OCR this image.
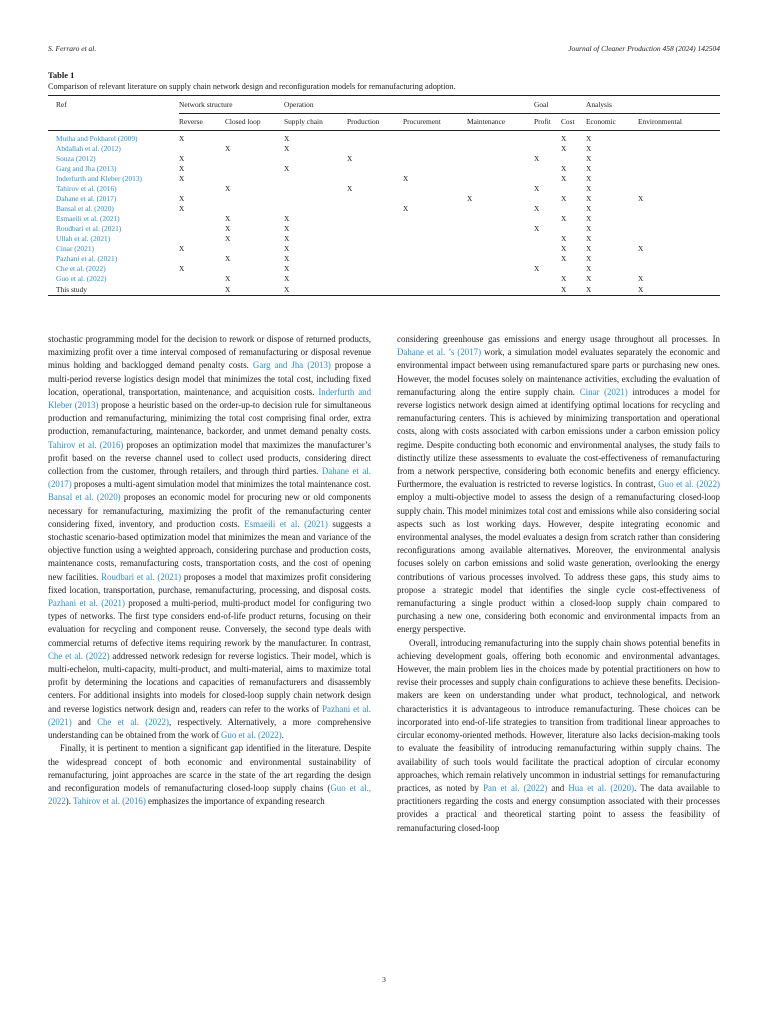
S. Ferraro et al.	Journal of Cleaner Production 458 (2024) 142504
Table 1
Comparison of relevant literature on supply chain network design and reconfiguration models for remanufacturing adoption.
Ref	Network structure		Operation				Goal		Analysis	
	Reverse	Closed loop	Supply chain	Production	Procurement	Maintenance	Profit	Cost	Economic	Environmental
Mutha and Pokharel (2009)	X		X					X	X	
Abdallah et al. (2012)		X	X					X	X	
Souza (2012)	X			X			X		X	
Garg and Jha (2013)	X		X					X	X	
Inderfurth and Kleber (2013)	X				X			X	X	
Tahirov et al. (2016)		X		X			X		X	
Dahane et al. (2017)	X					X		X	X	X
Bansal et al. (2020)	X				X		X		X	
Esmaeili et al. (2021)		X	X					X	X	
Roudbari et al. (2021)		X	X				X		X	
Ullah et al. (2021)		X	X					X	X	
Cinar (2021)	X		X					X	X	X
Pazhani et al. (2021)		X	X					X	X	
Che et al. (2022)	X		X				X		X	
Guo et al. (2022)		X	X					X	X	X
This study		X	X					X	X	X

stochastic programming model for the decision to rework or dispose of returned products, maximizing profit over a time interval composed of remanufacturing or disposal revenue minus holding and backlogged demand penalty costs. Garg and Jha (2013) propose a multi-period reverse logistics design model that minimizes the total cost, including fixed location, operational, transportation, maintenance, and acquisition costs. Inderfurth and Kleber (2013) propose a heuristic based on the order-up-to decision rule for simultaneous production and remanufacturing, minimizing the total cost comprising final order, extra production, remanufacturing, maintenance, backorder, and unmet demand penalty costs. Tahirov et al. (2016) proposes an optimization model that maximizes the manufacturer’s profit based on the reverse channel used to collect used products, considering direct collection from the customer, through retailers, and through third parties. Dahane et al. (2017) proposes a multi-agent simulation model that minimizes the total maintenance cost. Bansal et al. (2020) proposes an economic model for procuring new or old components necessary for remanufacturing, maximizing the profit of the remanufacturing center considering fixed, inventory, and production costs. Esmaeili et al. (2021) suggests a stochastic scenario-based optimization model that minimizes the mean and variance of the objective function using a weighted approach, considering purchase and production costs, maintenance costs, remanufacturing costs, transportation costs, and the cost of opening new facilities. Roudbari et al. (2021) proposes a model that maximizes profit considering fixed location, transportation, purchase, remanufacturing, processing, and disposal costs. Pazhani et al. (2021) proposed a multi-period, multi-product model for configuring two types of networks. The first type considers end-of-life product returns, focusing on their evaluation for recycling and component reuse. Conversely, the second type deals with commercial returns of defective items requiring rework by the manufacturer. In contrast, Che et al. (2022) addressed network redesign for reverse logistics. Their model, which is multi-echelon, multi-capacity, multi-product, and multi-material, aims to maximize total profit by determining the locations and capacities of remanufacturers and disassembly centers. For additional insights into models for closed-loop supply chain network design and reverse logistics network design and, readers can refer to the works of Pazhani et al. (2021) and Che et al. (2022), respectively. Alternatively, a more comprehensive understanding can be obtained from the work of Guo et al. (2022).

Finally, it is pertinent to mention a significant gap identified in the literature. Despite the widespread concept of both economic and environmental sustainability of remanufacturing, joint approaches are scarce in the state of the art regarding the design and reconfiguration models of remanufacturing closed-loop supply chains (Guo et al., 2022). Tahirov et al. (2016) emphasizes the importance of expanding research

considering greenhouse gas emissions and energy usage throughout all processes. In Dahane et al. ’s (2017) work, a simulation model evaluates separately the economic and environmental impact between using remanufactured spare parts or purchasing new ones. However, the model focuses solely on maintenance activities, excluding the evaluation of remanufacturing along the entire supply chain. Cinar (2021) introduces a model for reverse logistics network design aimed at identifying optimal locations for recycling and remanufacturing centers. This is achieved by minimizing transportation and operational costs, along with costs associated with carbon emissions under a carbon emission policy regime. Despite conducting both economic and environmental analyses, the study fails to distinctly utilize these assessments to evaluate the cost-effectiveness of remanufacturing from a network perspective, considering both economic benefits and energy efficiency. Furthermore, the evaluation is restricted to reverse logistics. In contrast, Guo et al. (2022) employ a multi-objective model to assess the design of a remanufacturing closed-loop supply chain. This model minimizes total cost and emissions while also considering social aspects such as lost working days. However, despite integrating economic and environmental analyses, the model evaluates a design from scratch rather than considering reconfigurations among available alternatives. Moreover, the environmental analysis focuses solely on carbon emissions and solid waste generation, overlooking the energy contributions of various processes involved. To address these gaps, this study aims to propose a strategic model that identifies the single cycle cost-effectiveness of remanufacturing a single product within a closed-loop supply chain compared to purchasing a new one, considering both economic and environmental impacts from an energy perspective.

Overall, introducing remanufacturing into the supply chain shows potential benefits in achieving development goals, offering both economic and environmental advantages. However, the main problem lies in the choices made by potential practitioners on how to revise their processes and supply chain configurations to achieve these benefits. Decision-makers are keen on understanding under what product, technological, and network characteristics it is advantageous to introduce remanufacturing. These choices can be incorporated into end-of-life strategies to transition from traditional linear approaches to circular economy-oriented methods. However, literature also lacks decision-making tools to evaluate the feasibility of introducing remanufacturing within supply chains. The availability of such tools would facilitate the practical adoption of circular economy approaches, which remain relatively uncommon in industrial settings for remanufacturing practices, as noted by Pan et al. (2022) and Hua et al. (2020). The data available to practitioners regarding the costs and energy consumption associated with their processes provides a practical and theoretical starting point to assess the feasibility of remanufacturing closed-loop

3
